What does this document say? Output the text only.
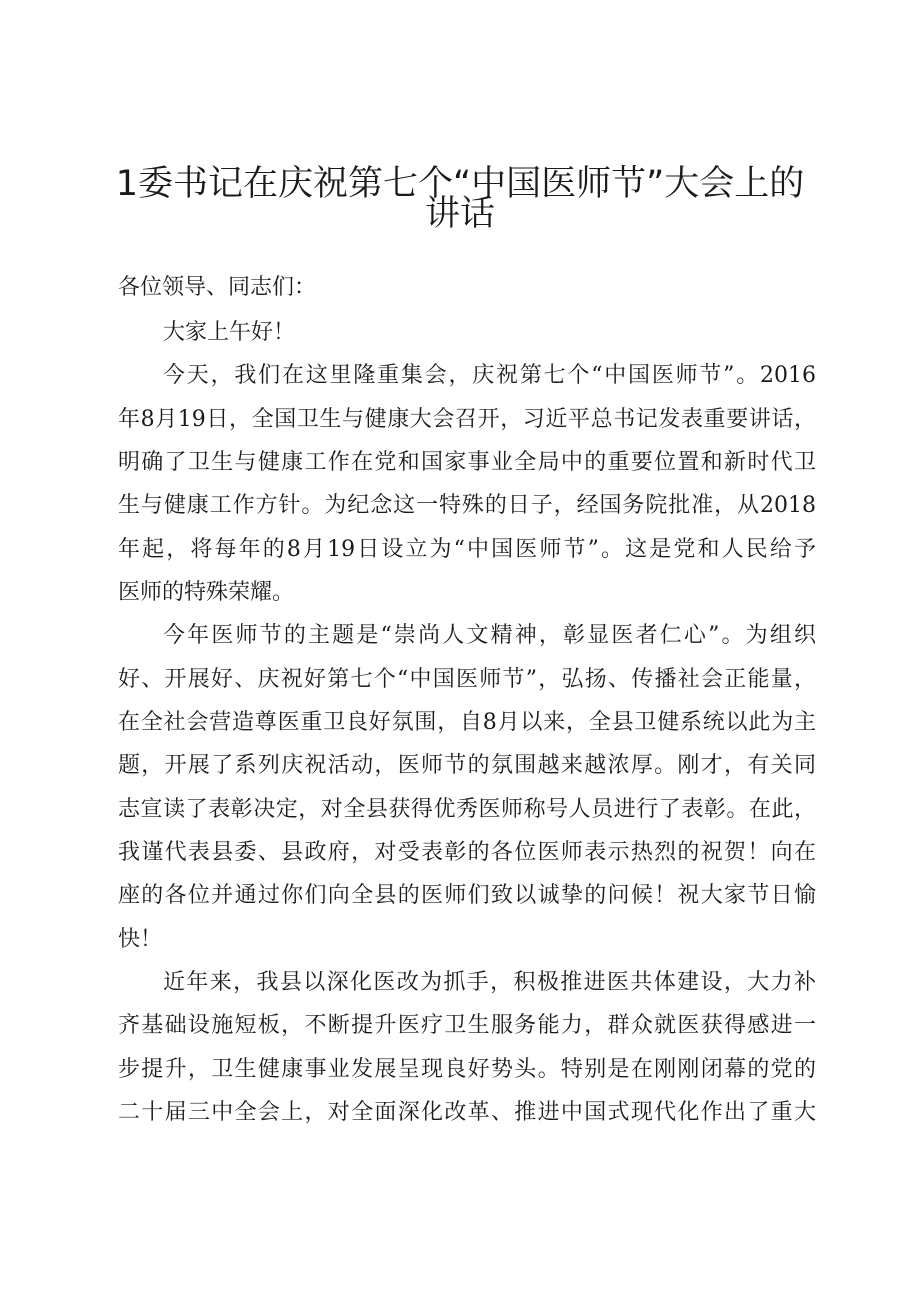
1委书记在庆祝第七个“中国医师节”大会上的
讲话
各位领导、同志们：
大家上午好！
今天，我们在这里隆重集会，庆祝第七个“中国医师节”。2016
年8月19日，全国卫生与健康大会召开，习近平总书记发表重要讲话，
明确了卫生与健康工作在党和国家事业全局中的重要位置和新时代卫
生与健康工作方针。为纪念这一特殊的日子，经国务院批准，从2018
年起，将每年的8月19日设立为“中国医师节”。这是党和人民给予
医师的特殊荣耀。
今年医师节的主题是“崇尚人文精神，彰显医者仁心”。为组织
好、开展好、庆祝好第七个“中国医师节”，弘扬、传播社会正能量，
在全社会营造尊医重卫良好氛围，自8月以来，全县卫健系统以此为主
题，开展了系列庆祝活动，医师节的氛围越来越浓厚。刚才，有关同
志宣读了表彰决定，对全县获得优秀医师称号人员进行了表彰。在此，
我谨代表县委、县政府，对受表彰的各位医师表示热烈的祝贺！向在
座的各位并通过你们向全县的医师们致以诚挚的问候！祝大家节日愉
快！
近年来，我县以深化医改为抓手，积极推进医共体建设，大力补
齐基础设施短板，不断提升医疗卫生服务能力，群众就医获得感进一
步提升，卫生健康事业发展呈现良好势头。特别是在刚刚闭幕的党的
二十届三中全会上，对全面深化改革、推进中国式现代化作出了重大
